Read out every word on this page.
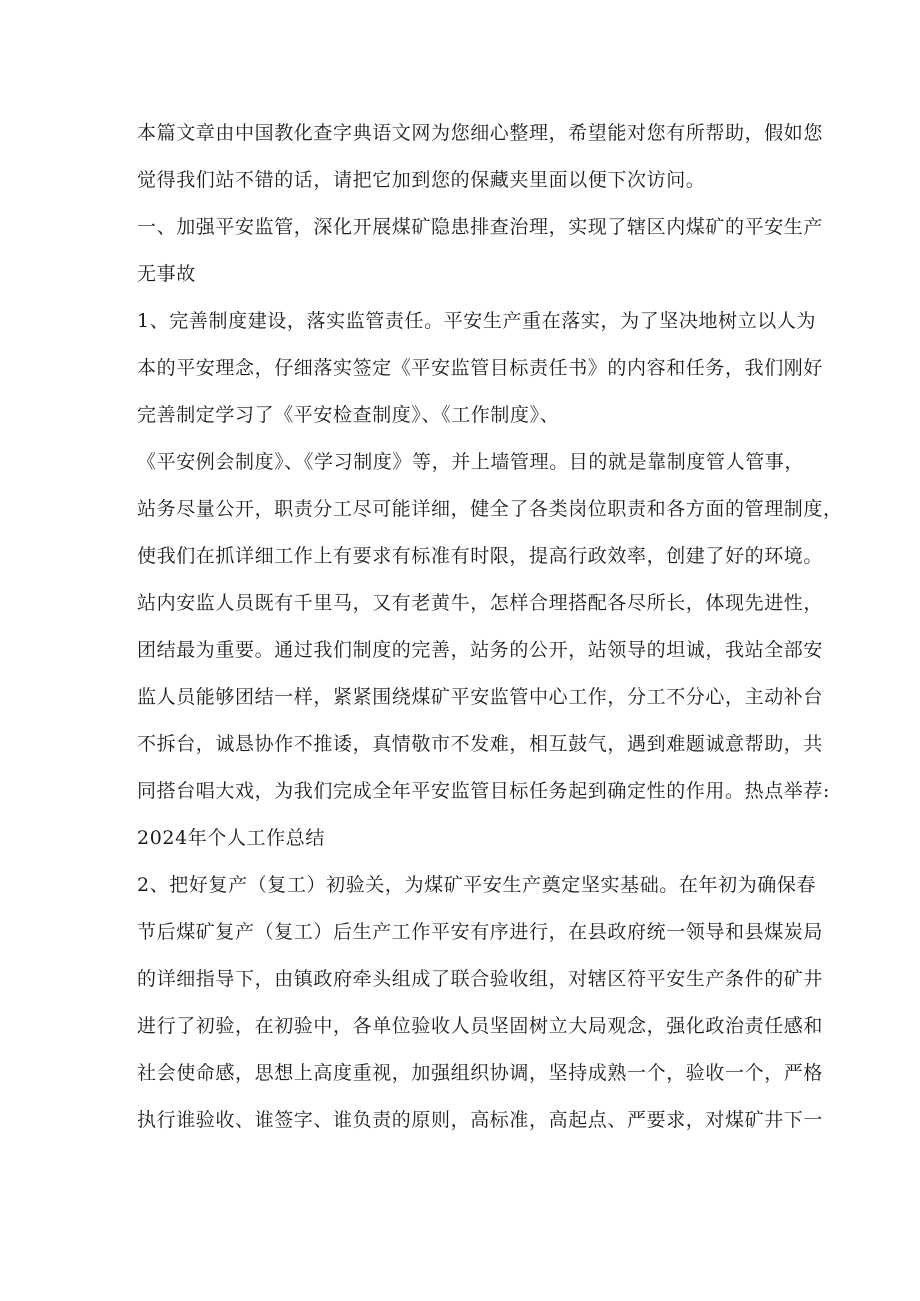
本篇文章由中国教化查字典语文网为您细心整理，希望能对您有所帮助，假如您
觉得我们站不错的话，请把它加到您的保藏夹里面以便下次访问。
一、加强平安监管，深化开展煤矿隐患排查治理，实现了辖区内煤矿的平安生产
无事故
1、完善制度建设，落实监管责任。平安生产重在落实，为了坚决地树立以人为
本的平安理念，仔细落实签定《平安监管目标责任书》的内容和任务，我们刚好
完善制定学习了《平安检查制度》、《工作制度》、
《平安例会制度》、《学习制度》等，并上墙管理。目的就是靠制度管人管事，
站务尽量公开，职责分工尽可能详细，健全了各类岗位职责和各方面的管理制度，
使我们在抓详细工作上有要求有标准有时限，提高行政效率，创建了好的环境。
站内安监人员既有千里马，又有老黄牛，怎样合理搭配各尽所长，体现先进性，
团结最为重要。通过我们制度的完善，站务的公开，站领导的坦诚，我站全部安
监人员能够团结一样，紧紧围绕煤矿平安监管中心工作，分工不分心，主动补台
不拆台，诚恳协作不推诿，真情敬市不发难，相互鼓气，遇到难题诚意帮助，共
同搭台唱大戏，为我们完成全年平安监管目标任务起到确定性的作用。热点举荐:
2024年个人工作总结
2、把好复产（复工）初验关，为煤矿平安生产奠定坚实基础。在年初为确保春
节后煤矿复产（复工）后生产工作平安有序进行，在县政府统一领导和县煤炭局
的详细指导下，由镇政府牵头组成了联合验收组，对辖区符平安生产条件的矿井
进行了初验，在初验中，各单位验收人员坚固树立大局观念，强化政治责任感和
社会使命感，思想上高度重视，加强组织协调，坚持成熟一个，验收一个，严格
执行谁验收、谁签字、谁负责的原则，高标准，高起点、严要求，对煤矿井下一
